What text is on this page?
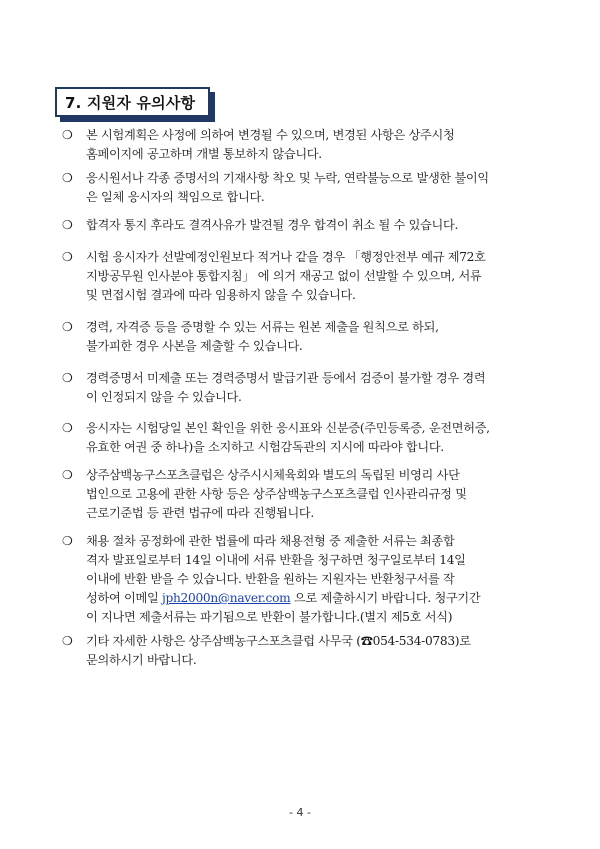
7. 지원자 유의사항
❍ 본 시험계획은 사정에 의하여 변경될 수 있으며, 변경된 사항은 상주시청
홈페이지에 공고하며 개별 통보하지 않습니다.
❍ 응시원서나 각종 증명서의 기재사항 착오 및 누락, 연락불능으로 발생한 불이익
은 일체 응시자의 책임으로 합니다.
❍ 합격자 통지 후라도 결격사유가 발견될 경우 합격이 취소 될 수 있습니다.
❍ 시험 응시자가 선발예정인원보다 적거나 같을 경우 「행정안전부 예규 제72호
지방공무원 인사분야 통합지침」 에 의거 재공고 없이 선발할 수 있으며, 서류
및 면접시험 결과에 따라 임용하지 않을 수 있습니다.
❍ 경력, 자격증 등을 증명할 수 있는 서류는 원본 제출을 원칙으로 하되,
불가피한 경우 사본을 제출할 수 있습니다.
❍ 경력증명서 미제출 또는 경력증명서 발급기관 등에서 검증이 불가할 경우 경력
이 인정되지 않을 수 있습니다.
❍ 응시자는 시험당일 본인 확인을 위한 응시표와 신분증(주민등록증, 운전면허증,
유효한 여권 중 하나)을 소지하고 시험감독관의 지시에 따라야 합니다.
❍ 상주삼백농구스포츠클럽은 상주시시체육회와 별도의 독립된 비영리 사단
법인으로 고용에 관한 사항 등은 상주삼백농구스포츠클럽 인사관리규정 및
근로기준법 등 관련 법규에 따라 진행됩니다.
❍ 채용 절차 공정화에 관한 법률에 따라 채용전형 중 제출한 서류는 최종합
격자 발표일로부터 14일 이내에 서류 반환을 청구하면 청구일로부터 14일
이내에 반환 받을 수 있습니다. 반환을 원하는 지원자는 반환청구서를 작
성하여 이메일 jph2000n@naver.com 으로 제출하시기 바랍니다. 청구기간
이 지나면 제출서류는 파기됨으로 반환이 불가합니다.(별지 제5호 서식)
❍ 기타 자세한 사항은 상주삼백농구스포츠클럽 사무국 (☎054-534-0783)로
문의하시기 바랍니다.
- 4 -
